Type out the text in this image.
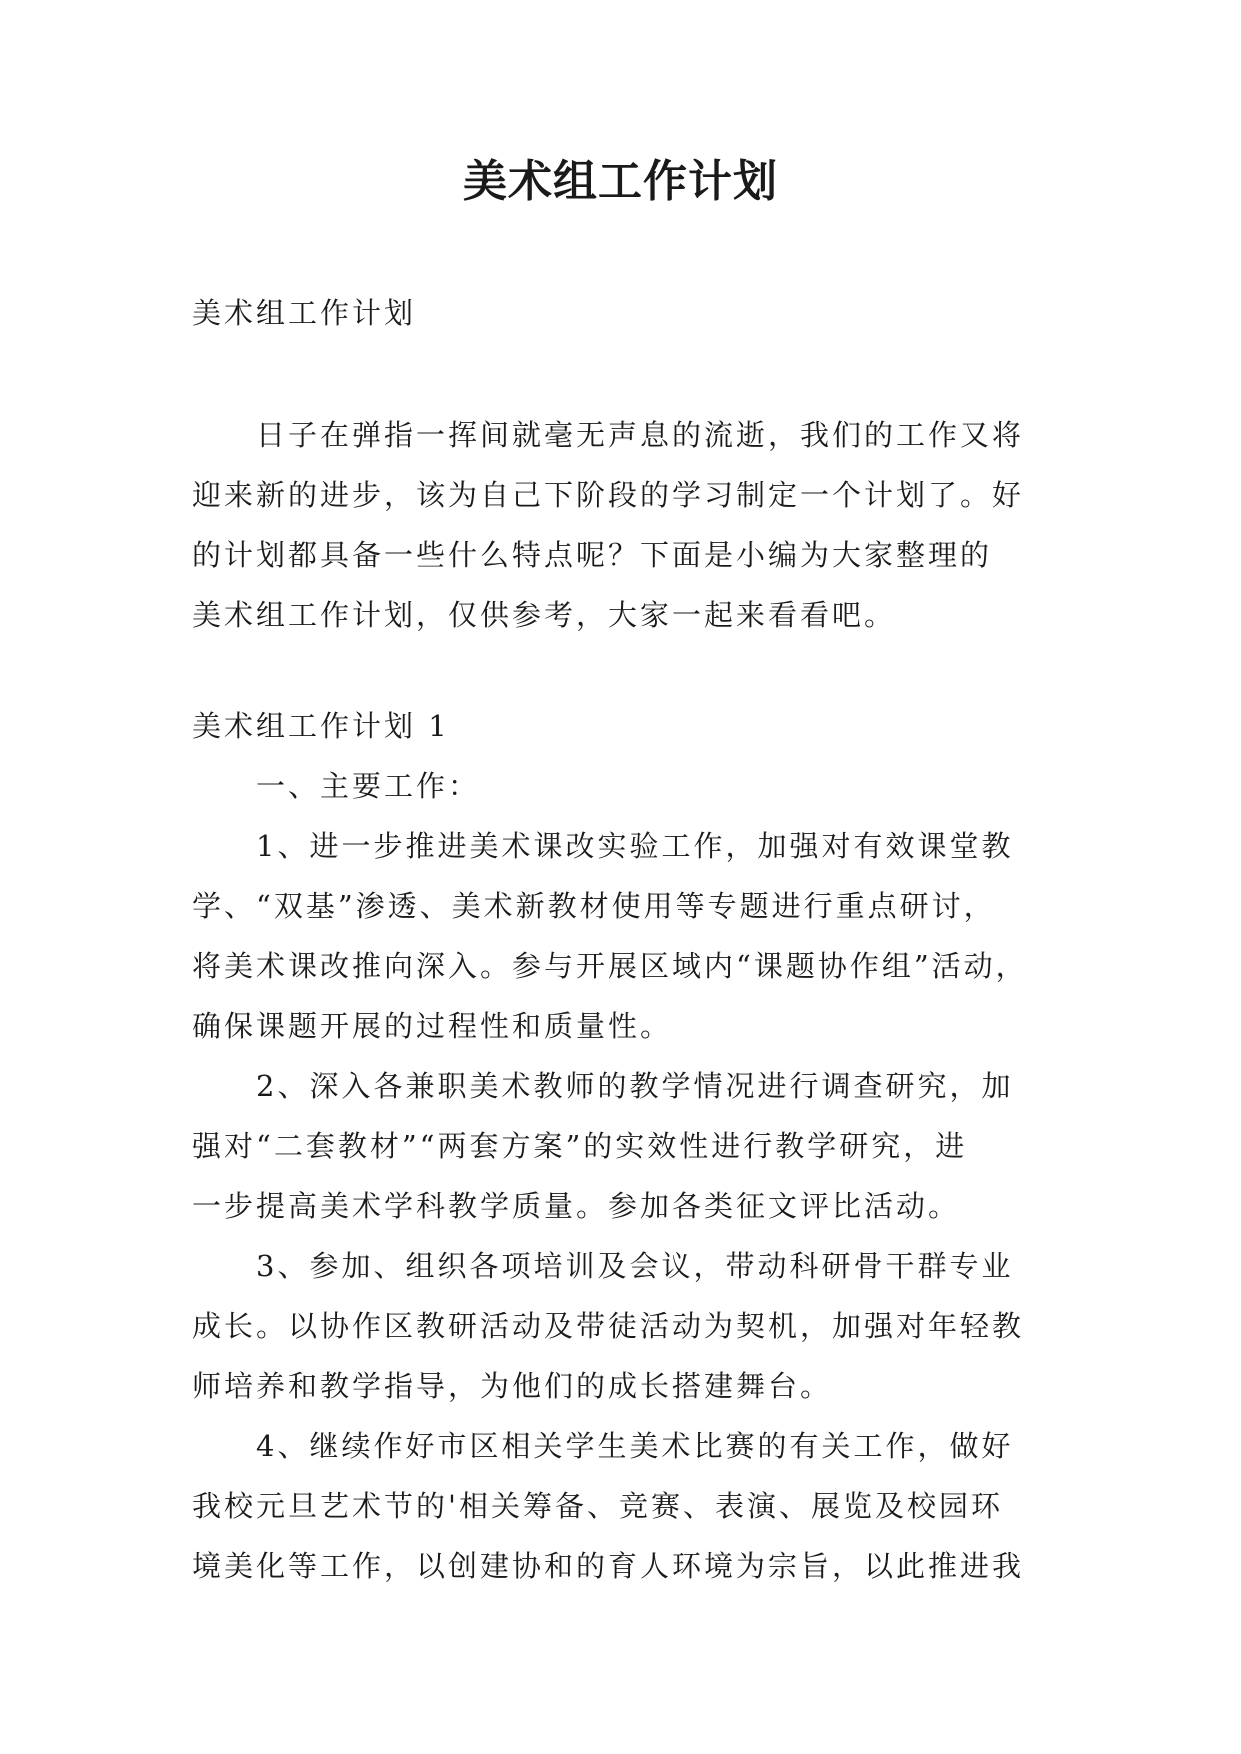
美术组工作计划

美术组工作计划

日子在弹指一挥间就毫无声息的流逝，我们的工作又将

迎来新的进步，该为自己下阶段的学习制定一个计划了。好

的计划都具备一些什么特点呢？下面是小编为大家整理的

美术组工作计划，仅供参考，大家一起来看看吧。

美术组工作计划 1

一、主要工作：

1、进一步推进美术课改实验工作，加强对有效课堂教

学、“双基”渗透、美术新教材使用等专题进行重点研讨，

将美术课改推向深入。参与开展区域内“课题协作组”活动，

确保课题开展的过程性和质量性。

2、深入各兼职美术教师的教学情况进行调查研究，加

强对“二套教材”“两套方案”的实效性进行教学研究，进

一步提高美术学科教学质量。参加各类征文评比活动。

3、参加、组织各项培训及会议，带动科研骨干群专业

成长。以协作区教研活动及带徒活动为契机，加强对年轻教

师培养和教学指导，为他们的成长搭建舞台。

4、继续作好市区相关学生美术比赛的有关工作，做好

我校元旦艺术节的'相关筹备、竞赛、表演、展览及校园环

境美化等工作，以创建协和的育人环境为宗旨，以此推进我
